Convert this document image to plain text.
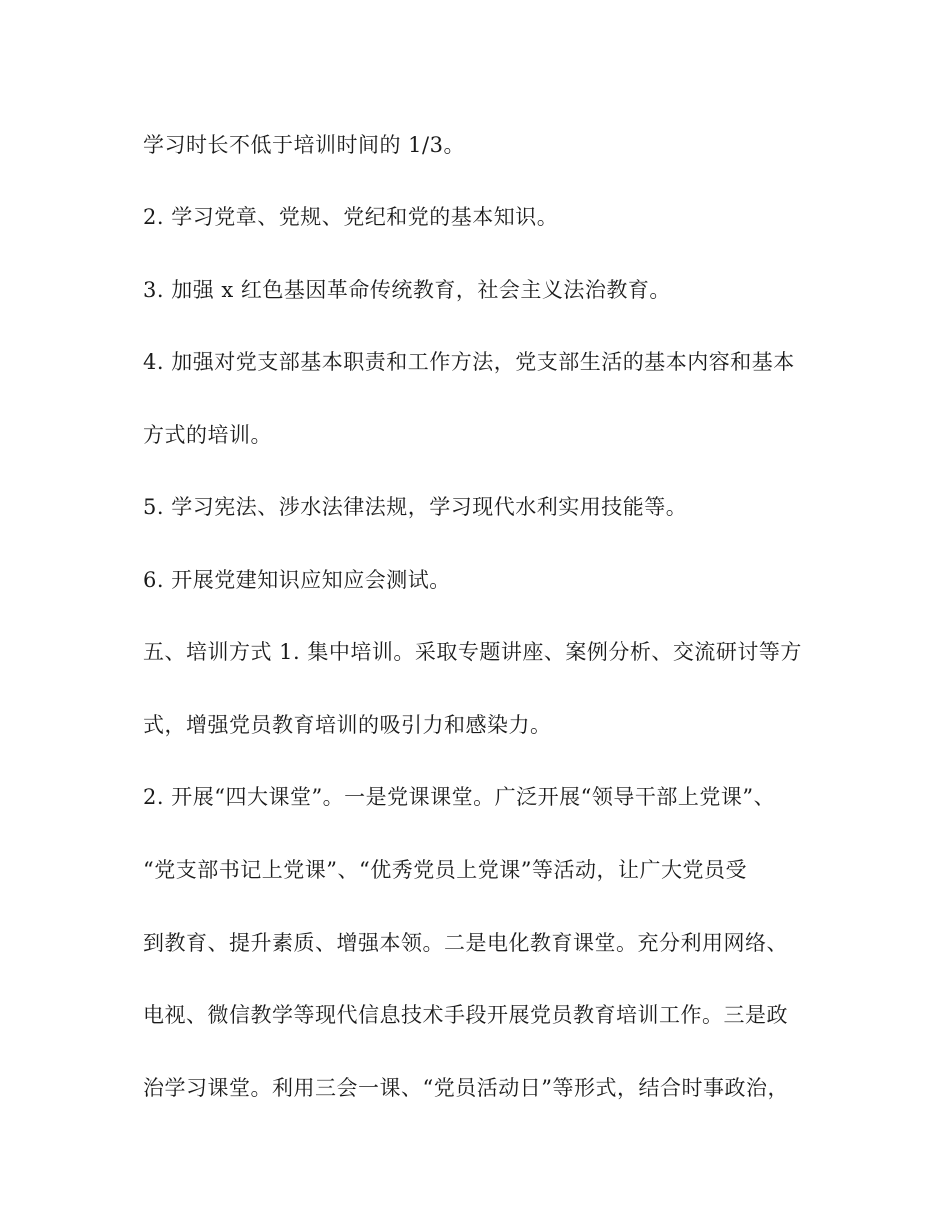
学习时长不低于培训时间的 1/3。

2. 学习党章、党规、党纪和党的基本知识。

3. 加强 x 红色基因革命传统教育，社会主义法治教育。

4. 加强对党支部基本职责和工作方法，党支部生活的基本内容和基本

方式的培训。

5. 学习宪法、涉水法律法规，学习现代水利实用技能等。

6. 开展党建知识应知应会测试。

五、培训方式 1. 集中培训。采取专题讲座、案例分析、交流研讨等方

式，增强党员教育培训的吸引力和感染力。

2. 开展“四大课堂”。一是党课课堂。广泛开展“领导干部上党课”、

“党支部书记上党课”、“优秀党员上党课”等活动，让广大党员受

到教育、提升素质、增强本领。二是电化教育课堂。充分利用网络、

电视、微信教学等现代信息技术手段开展党员教育培训工作。三是政

治学习课堂。利用三会一课、“党员活动日”等形式，结合时事政治，
